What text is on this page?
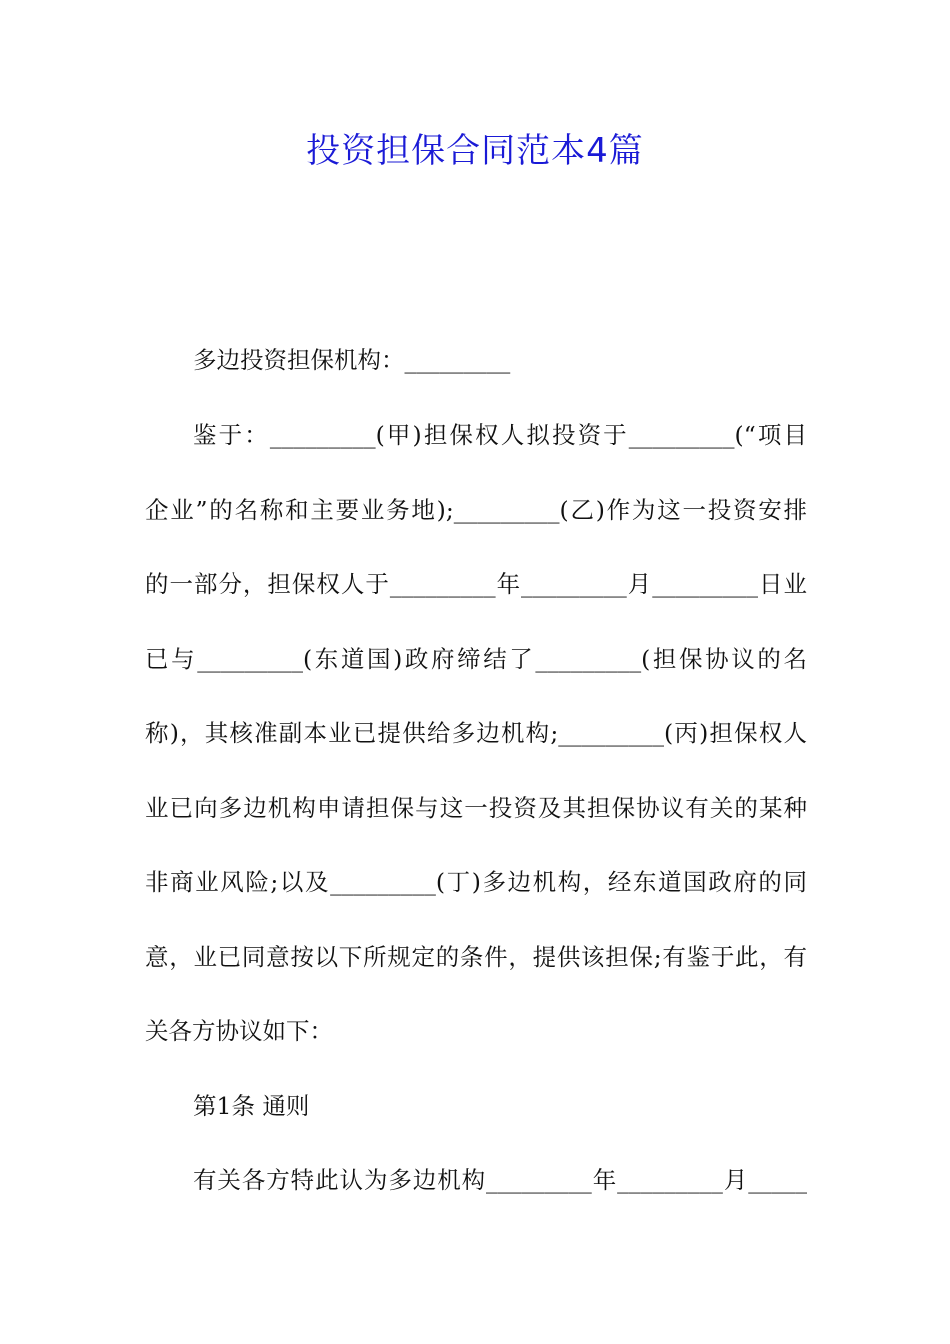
投资担保合同范本4篇
多边投资担保机构：_________
鉴于：_________(甲)担保权人拟投资于_________(“项目
企业”的名称和主要业务地);_________(乙)作为这一投资安排
的一部分，担保权人于_________年_________月_________日业
已与_________(东道国)政府缔结了_________(担保协议的名
称)，其核准副本业已提供给多边机构;_________(丙)担保权人
业已向多边机构申请担保与这一投资及其担保协议有关的某种
非商业风险;以及_________(丁)多边机构，经东道国政府的同
意，业已同意按以下所规定的条件，提供该担保;有鉴于此，有
关各方协议如下：
第1条 通则
有关各方特此认为多边机构_________年_________月_____
